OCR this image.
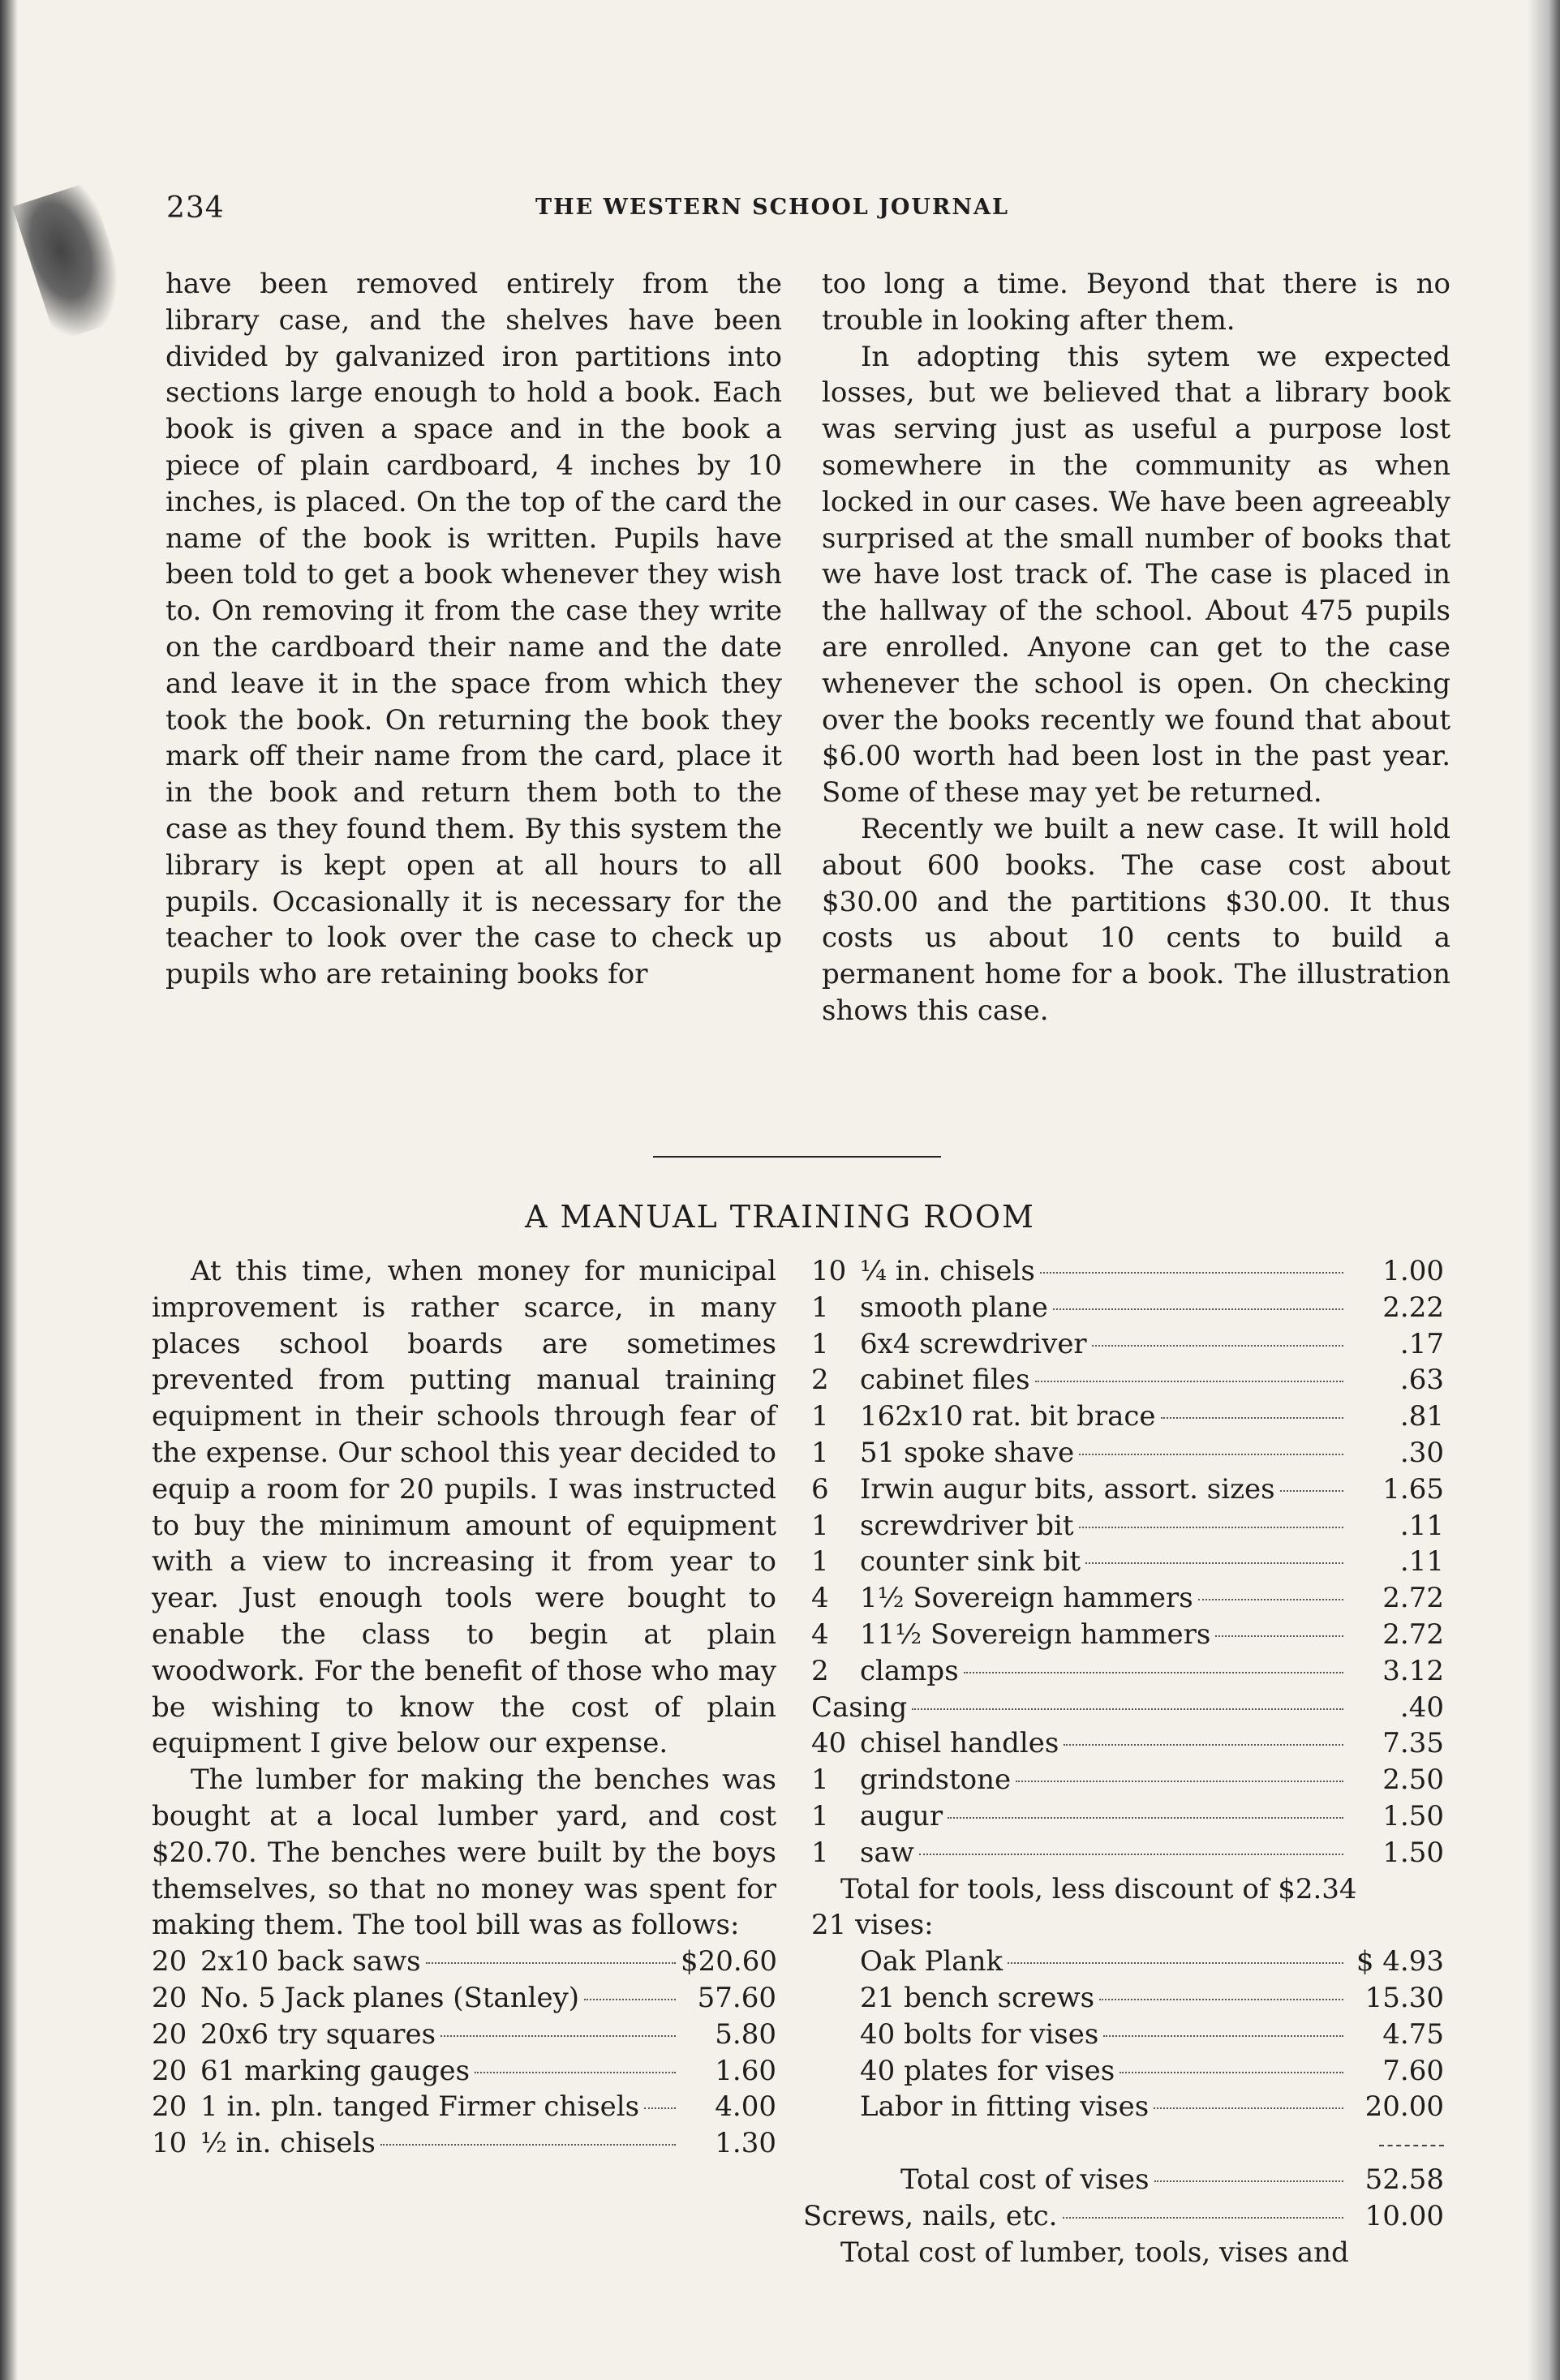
234	THE WESTERN SCHOOL JOURNAL

have been removed entirely from the library case, and the shelves have been divided by galvanized iron partitions into sections large enough to hold a book. Each book is given a space and in the book a piece of plain cardboard, 4 inches by 10 inches, is placed. On the top of the card the name of the book is written. Pupils have been told to get a book whenever they wish to. On removing it from the case they write on the cardboard their name and the date and leave it in the space from which they took the book. On returning the book they mark off their name from the card, place it in the book and return them both to the case as they found them. By this system the library is kept open at all hours to all pupils. Occasionally it is necessary for the teacher to look over the case to check up pupils who are retaining books for

too long a time. Beyond that there is no trouble in looking after them.

In adopting this sytem we expected losses, but we believed that a library book was serving just as useful a purpose lost somewhere in the community as when locked in our cases. We have been agreeably surprised at the small number of books that we have lost track of. The case is placed in the hallway of the school. About 475 pupils are enrolled. Anyone can get to the case whenever the school is open. On checking over the books recently we found that about $6.00 worth had been lost in the past year. Some of these may yet be returned.

Recently we built a new case. It will hold about 600 books. The case cost about $30.00 and the partitions $30.00. It thus costs us about 10 cents to build a permanent home for a book. The illustration shows this case.

A MANUAL TRAINING ROOM

At this time, when money for municipal improvement is rather scarce, in many places school boards are sometimes prevented from putting manual training equipment in their schools through fear of the expense. Our school this year decided to equip a room for 20 pupils. I was instructed to buy the minimum amount of equipment with a view to increasing it from year to year. Just enough tools were bought to enable the class to begin at plain woodwork. For the benefit of those who may be wishing to know the cost of plain equipment I give below our expense.

The lumber for making the benches was bought at a local lumber yard, and cost $20.70. The benches were built by the boys themselves, so that no money was spent for making them. The tool bill was as follows:

20 2x10 back saws	$20.60
20 No. 5 Jack planes (Stanley)	57.60
20 20x6 try squares	5.80
20 61 marking gauges	1.60
20 1 in. pln. tanged Firmer chisels	4.00
10 ½ in. chisels	1.30
10 ¼ in. chisels	1.00
1	smooth plane	2.22
1	6x4 screwdriver	.17
2	cabinet files	.63
1	162x10 rat. bit brace	.81
1	51 spoke shave	.30
6	Irwin augur bits, assort. sizes	1.65
1	screwdriver bit	.11
1	counter sink bit	.11
4	1½ Sovereign hammers	2.72
4	11½ Sovereign hammers	2.72
2	clamps	3.12
Casing	.40
40 chisel handles	7.35
1	grindstone	2.50
1	augur	1.50
1	saw	1.50
Total for tools, less discount of $2.34
21 vises:
Oak Plank	$ 4.93
21 bench screws	15.30
40 bolts for vises	4.75
40 plates for vises	7.60
Labor in fitting vises	20.00
Total cost of vises	52.58
Screws, nails, etc.	10.00
Total cost of lumber, tools, vises and
